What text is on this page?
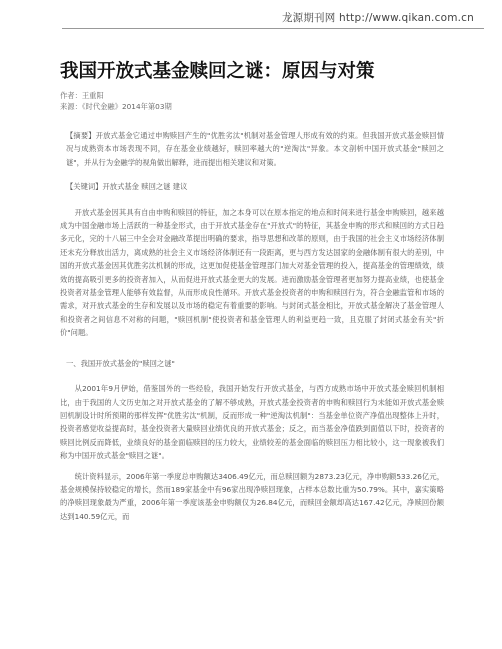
龙源期刊网 http://www.qikan.com.cn
我国开放式基金赎回之谜：原因与对策
作者：王重阳
来源：《时代金融》2014年第03期

【摘要】开放式基金它通过申购赎回产生的"优胜劣汰"机制对基金管理人形成有效的约束。但我国开放式基金赎回情况与成熟资本市场表现不同，存在基金业绩越好，赎回率越大的"逆淘汰"异象。本文剖析中国开放式基金"赎回之谜"，并从行为金融学的视角做出解释，进而提出相关建议和对策。

【关键词】开放式基金 赎回之谜 建议

开放式基金因其具有自由申购和赎回的特征，加之本身可以在原本指定的地点和时间来进行基金申购赎回，越来越成为中国金融市场上活跃的一种基金形式，由于开放式基金存在"开放式"的特征，其基金申购的形式和赎回的方式日趋多元化，完的十八届三中全会对金融改革提出明确的要求，指导思想和改革的原则，由于我国的社会主义市场经济体制还未充分释放出活力，离成熟的社会主义市场经济体制还有一段距离，更与西方发达国家的金融体制有很大的差别，中国的开放式基金因其优胜劣汰机制的形成，这更加促使基金管理部门加大对基金管理的投入，提高基金的管理绩效，绩效的提高吸引更多的投资者加入，从而促进开放式基金更大的发展。进而激励基金管理者更加努力提高业绩，也使基金投资者对基金管理人能够有效监督，从而形成良性循环。开放式基金投资者的申购和赎回行为，符合金融监管和市场的需求，对开放式基金的生存和发展以及市场的稳定有着重要的影响。与封闭式基金相比，开放式基金解决了基金管理人和投资者之间信息不对称的问题，"赎回机制"使投资者和基金管理人的利益更趋一致，且克服了封闭式基金有关"折价"问题。

一、我国开放式基金的"赎回之谜"

从2001年9月伊始，借鉴国外的一些经验，我国开始发行开放式基金，与西方成熟市场中开放式基金赎回机制相比，由于我国的人文历史加之对开放式基金的了解不够成熟，开放式基金投资者的申购和赎回行为未能如开放式基金赎回机制设计时所预期的那样发挥"优胜劣汰"机制，反而形成一种"逆淘汰机制"：当基金单位资产净值出现整体上升时，投资者感觉收益提高时，基金投资者大量赎回业绩优良的开放式基金；反之，而当基金净值跌到面值以下时，投资者的赎回比例反而降低，业绩良好的基金面临赎回的压力较大，业绩较差的基金面临的赎回压力相比较小，这一现象被我们称为中国开放式基金"赎回之谜"。

统计资料显示，2006年第一季度总申购额达3406.49亿元，而总赎回额为2873.23亿元，净申购额533.26亿元，基金规模保持较稳定的增长，然而189家基金中有96家出现净赎回现象，占样本总数比重为50.79%。其中，嘉实策略的净赎回现象最为严重，2006年第一季度该基金申购额仅为26.84亿元，而赎回金额却高达167.42亿元，净赎回份额达到140.59亿元，而
